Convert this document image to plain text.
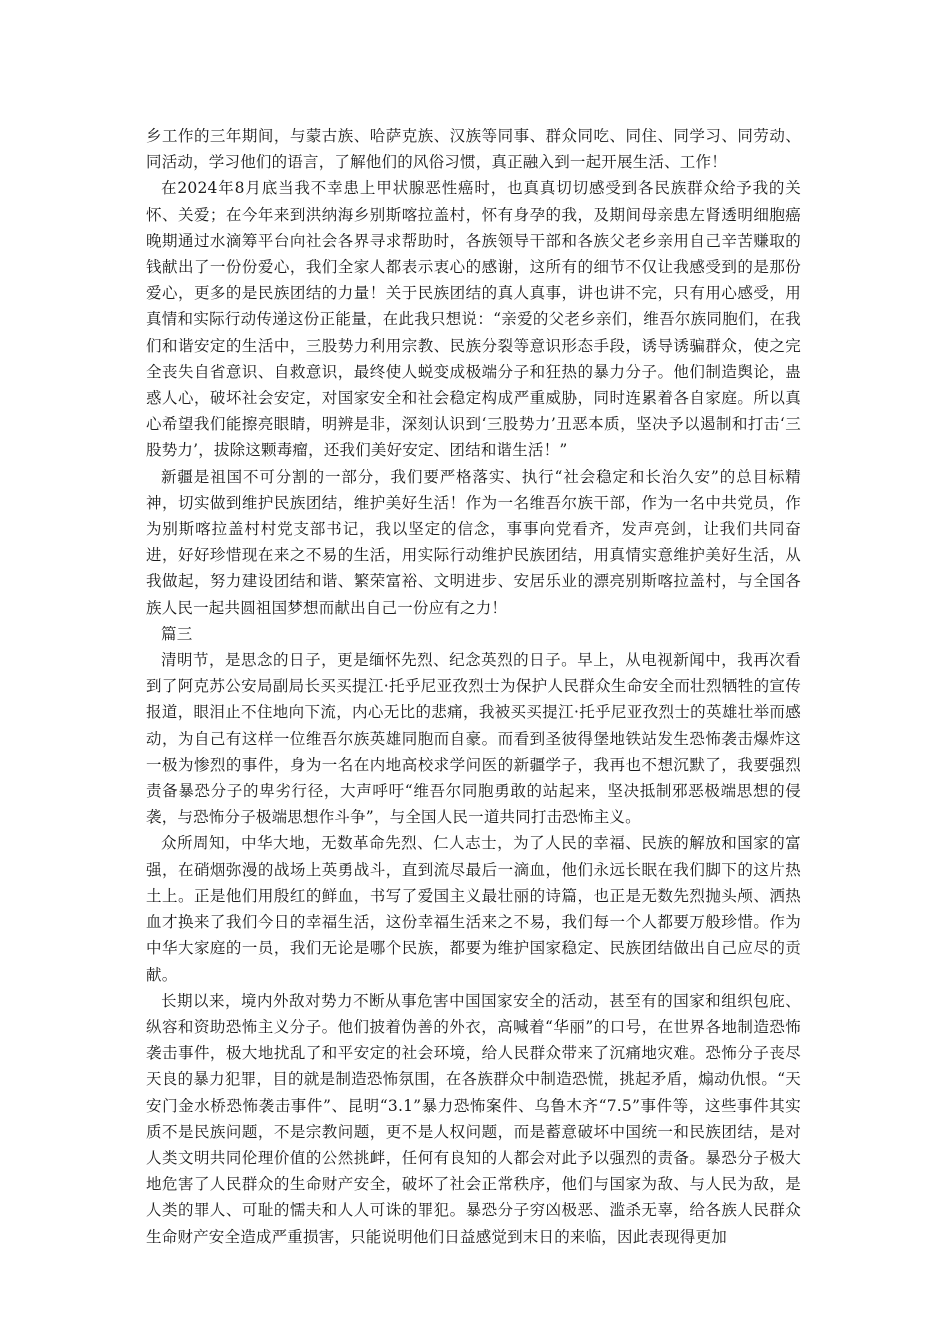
乡工作的三年期间，与蒙古族、哈萨克族、汉族等同事、群众同吃、同住、同学习、同劳动、同活动，学习他们的语言，了解他们的风俗习惯，真正融入到一起开展生活、工作！

在2024年8月底当我不幸患上甲状腺恶性癌时，也真真切切感受到各民族群众给予我的关怀、关爱；在今年来到洪纳海乡别斯喀拉盖村，怀有身孕的我，及期间母亲患左肾透明细胞癌晚期通过水滴筹平台向社会各界寻求帮助时，各族领导干部和各族父老乡亲用自己辛苦赚取的钱献出了一份份爱心，我们全家人都表示衷心的感谢，这所有的细节不仅让我感受到的是那份爱心，更多的是民族团结的力量！关于民族团结的真人真事，讲也讲不完，只有用心感受，用真情和实际行动传递这份正能量，在此我只想说：“亲爱的父老乡亲们，维吾尔族同胞们，在我们和谐安定的生活中，三股势力利用宗教、民族分裂等意识形态手段，诱导诱骗群众，使之完全丧失自省意识、自救意识，最终使人蜕变成极端分子和狂热的暴力分子。他们制造舆论，蛊惑人心，破坏社会安定，对国家安全和社会稳定构成严重威胁，同时连累着各自家庭。所以真心希望我们能擦亮眼睛，明辨是非，深刻认识到‘三股势力’丑恶本质，坚决予以遏制和打击‘三股势力’，拔除这颗毒瘤，还我们美好安定、团结和谐生活！”

新疆是祖国不可分割的一部分，我们要严格落实、执行“社会稳定和长治久安”的总目标精神，切实做到维护民族团结，维护美好生活！作为一名维吾尔族干部，作为一名中共党员，作为别斯喀拉盖村村党支部书记，我以坚定的信念，事事向党看齐，发声亮剑，让我们共同奋进，好好珍惜现在来之不易的生活，用实际行动维护民族团结，用真情实意维护美好生活，从我做起，努力建设团结和谐、繁荣富裕、文明进步、安居乐业的漂亮别斯喀拉盖村，与全国各族人民一起共圆祖国梦想而献出自己一份应有之力！

篇三

清明节，是思念的日子，更是缅怀先烈、纪念英烈的日子。早上，从电视新闻中，我再次看到了阿克苏公安局副局长买买提江·托乎尼亚孜烈士为保护人民群众生命安全而壮烈牺牲的宣传报道，眼泪止不住地向下流，内心无比的悲痛，我被买买提江·托乎尼亚孜烈士的英雄壮举而感动，为自己有这样一位维吾尔族英雄同胞而自豪。而看到圣彼得堡地铁站发生恐怖袭击爆炸这一极为惨烈的事件，身为一名在内地高校求学问医的新疆学子，我再也不想沉默了，我要强烈责备暴恐分子的卑劣行径，大声呼吁“维吾尔同胞勇敢的站起来，坚决抵制邪恶极端思想的侵袭，与恐怖分子极端思想作斗争”，与全国人民一道共同打击恐怖主义。

众所周知，中华大地，无数革命先烈、仁人志士，为了人民的幸福、民族的解放和国家的富强，在硝烟弥漫的战场上英勇战斗，直到流尽最后一滴血，他们永远长眠在我们脚下的这片热土上。正是他们用殷红的鲜血，书写了爱国主义最壮丽的诗篇，也正是无数先烈抛头颅、洒热血才换来了我们今日的幸福生活，这份幸福生活来之不易，我们每一个人都要万般珍惜。作为中华大家庭的一员，我们无论是哪个民族，都要为维护国家稳定、民族团结做出自己应尽的贡献。

长期以来，境内外敌对势力不断从事危害中国国家安全的活动，甚至有的国家和组织包庇、纵容和资助恐怖主义分子。他们披着伪善的外衣，高喊着“华丽”的口号，在世界各地制造恐怖袭击事件，极大地扰乱了和平安定的社会环境，给人民群众带来了沉痛地灾难。恐怖分子丧尽天良的暴力犯罪，目的就是制造恐怖氛围，在各族群众中制造恐慌，挑起矛盾，煽动仇恨。“天安门金水桥恐怖袭击事件”、昆明“3.1”暴力恐怖案件、乌鲁木齐“7.5”事件等，这些事件其实质不是民族问题，不是宗教问题，更不是人权问题，而是蓄意破坏中国统一和民族团结，是对人类文明共同伦理价值的公然挑衅，任何有良知的人都会对此予以强烈的责备。暴恐分子极大地危害了人民群众的生命财产安全，破坏了社会正常秩序，他们与国家为敌、与人民为敌，是人类的罪人、可耻的懦夫和人人可诛的罪犯。暴恐分子穷凶极恶、滥杀无辜，给各族人民群众生命财产安全造成严重损害，只能说明他们日益感觉到末日的来临，因此表现得更加
